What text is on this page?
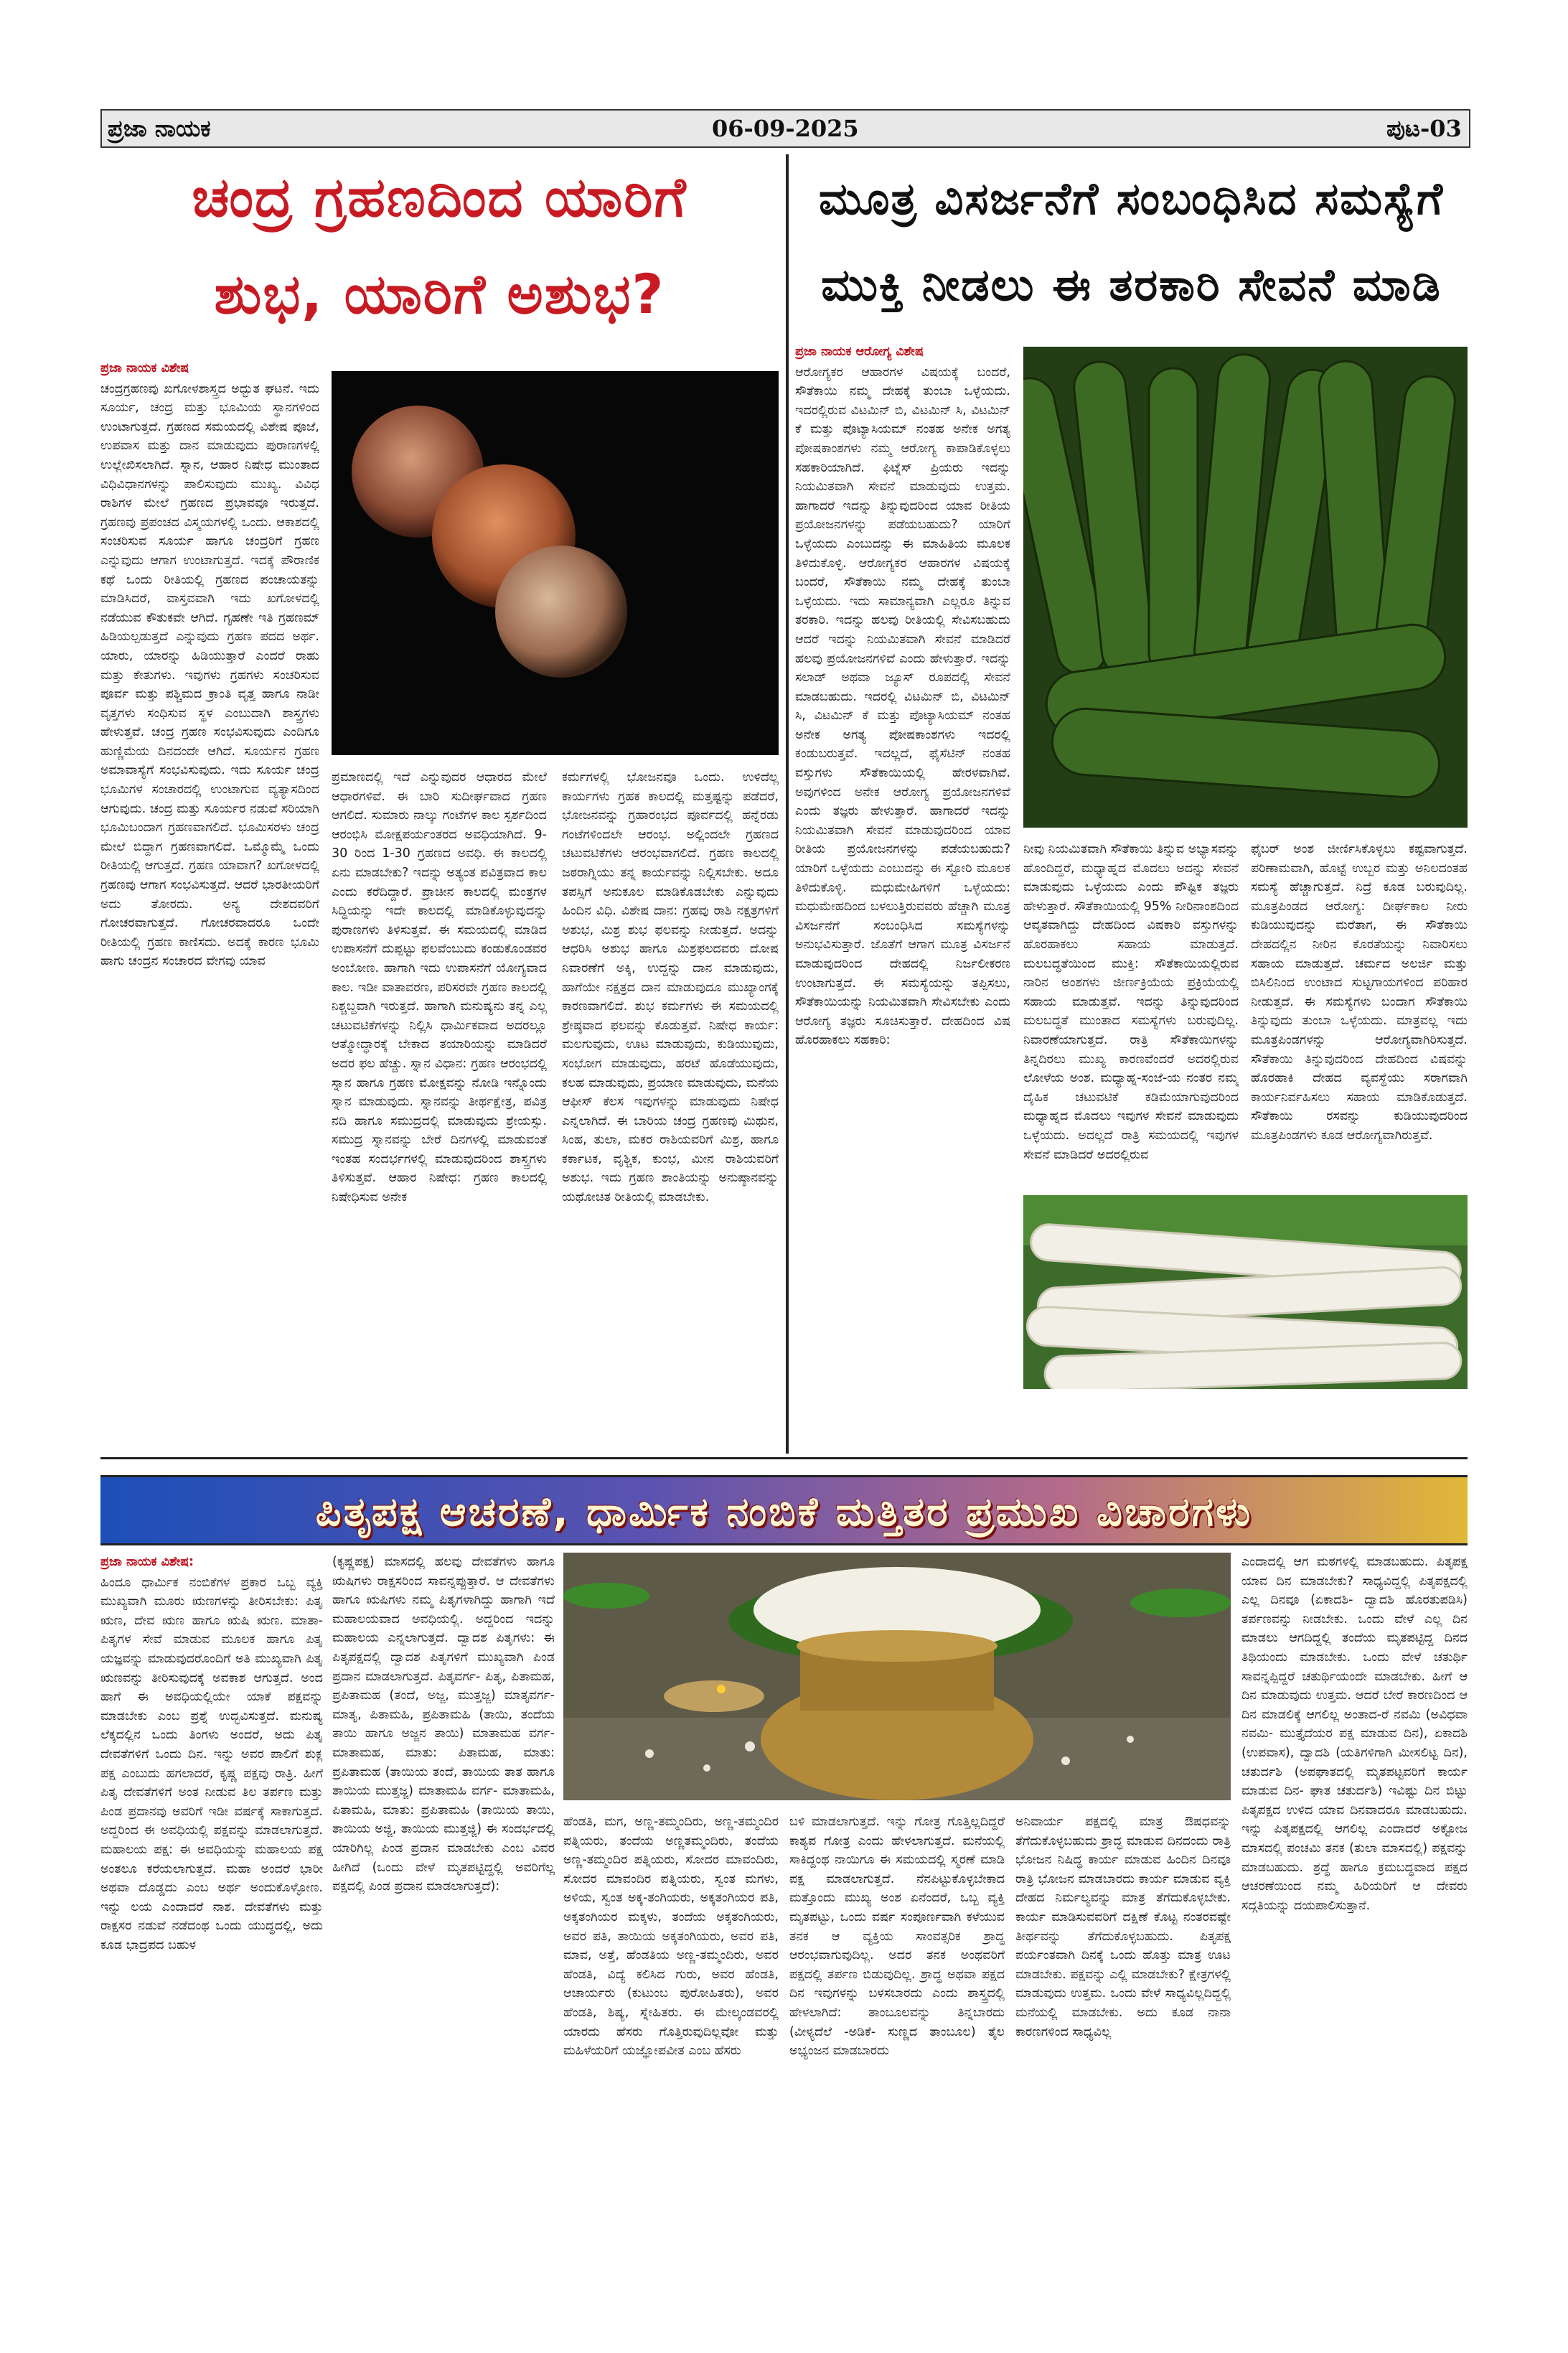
ಪ್ರಜಾ ನಾಯಕ	06-09-2025	ಪುಟ-03
ಚಂದ್ರ ಗ್ರಹಣದಿಂದ ಯಾರಿಗೆ
ಶುಭ, ಯಾರಿಗೆ ಅಶುಭ?

ಪ್ರಜಾ ನಾಯಕ ವಿಶೇಷ

ಚಂದ್ರಗ್ರಹಣವು ಖಗೋಳಶಾಸ್ತ್ರದ ಅದ್ಭುತ ಘಟನೆ. ಇದು ಸೂರ್ಯ, ಚಂದ್ರ ಮತ್ತು ಭೂಮಿಯ ಸ್ಥಾನಗಳಿಂದ ಉಂಟಾಗುತ್ತದೆ. ಗ್ರಹಣದ ಸಮಯದಲ್ಲಿ ವಿಶೇಷ ಪೂಜೆ, ಉಪವಾಸ ಮತ್ತು ದಾನ ಮಾಡುವುದು ಪುರಾಣಗಳಲ್ಲಿ ಉಲ್ಲೇಖಿಸಲಾಗಿದೆ. ಸ್ನಾನ, ಆಹಾರ ನಿಷೇಧ ಮುಂತಾದ ವಿಧಿವಿಧಾನಗಳನ್ನು ಪಾಲಿಸುವುದು ಮುಖ್ಯ. ವಿವಿಧ ರಾಶಿಗಳ ಮೇಲೆ ಗ್ರಹಣದ ಪ್ರಭಾವವೂ ಇರುತ್ತದೆ. ಗ್ರಹಣವು ಪ್ರಪಂಚದ ವಿಸ್ಮಯಗಳಲ್ಲಿ ಒಂದು. ಆಕಾಶದಲ್ಲಿ ಸಂಚರಿಸುವ ಸೂರ್ಯ ಹಾಗೂ ಚಂದ್ರರಿಗೆ ಗ್ರಹಣ ಎನ್ನುವುದು ಆಗಾಗ ಉಂಟಾಗುತ್ತದೆ. ಇದಕ್ಕೆ ಪೌರಾಣಿಕ ಕಥೆ ಒಂದು ರೀತಿಯಲ್ಲಿ ಗ್ರಹಣದ ಪಂಚಾಯತನ್ನು ಮಾಡಿಸಿದರೆ, ವಾಸ್ತವವಾಗಿ ಇದು ಖಗೋಳದಲ್ಲಿ ನಡೆಯುವ ಕೌತುಕವೇ ಆಗಿದೆ. ಗೃಹಣೇ ಇತಿ ಗ್ರಹಣಮ್ ಹಿಡಿಯಲ್ಪಡುತ್ತದೆ ಎನ್ನುವುದು ಗ್ರಹಣ ಪದದ ಅರ್ಥ. ಯಾರು, ಯಾರನ್ನು ಹಿಡಿಯುತ್ತಾರೆ ಎಂದರೆ ರಾಹು ಮತ್ತು ಕೇತುಗಳು. ಇವುಗಳು ಗ್ರಹಗಳು ಸಂಚರಿಸುವ ಪೂರ್ವ ಮತ್ತು ಪಶ್ಚಿಮದ ಕ್ರಾಂತಿ ವೃತ್ತ ಹಾಗೂ ನಾಡೀ ವೃತ್ತಗಳು ಸಂಧಿಸುವ ಸ್ಥಳ ಎಂಬುದಾಗಿ ಶಾಸ್ತ್ರಗಳು ಹೇಳುತ್ತವೆ. ಚಂದ್ರ ಗ್ರಹಣ ಸಂಭವಿಸುವುದು ಎಂದಿಗೂ ಹುಣ್ಣಿಮೆಯ ದಿನದಂದೇ ಆಗಿದೆ. ಸೂರ್ಯನ ಗ್ರಹಣ ಅಮಾವಾಸ್ಯೆಗೆ ಸಂಭವಿಸುವುದು. ಇದು ಸೂರ್ಯ ಚಂದ್ರ ಭೂಮಿಗಳ ಸಂಚಾರದಲ್ಲಿ ಉಂಟಾಗುವ ವ್ಯತ್ಯಾಸದಿಂದ ಆಗುವುದು. ಚಂದ್ರ ಮತ್ತು ಸೂರ್ಯರ ನಡುವೆ ಸರಿಯಾಗಿ ಭೂಮಿಬಂದಾಗ ಗ್ರಹಣವಾಗಲಿದೆ. ಭೂಮಿಸರಳು ಚಂದ್ರ ಮೇಲೆ ಬಿದ್ದಾಗ ಗ್ರಹಣವಾಗಲಿದೆ. ಒಮ್ಮೊಮ್ಮೆ ಒಂದು ರೀತಿಯಲ್ಲಿ ಆಗುತ್ತದೆ. ಗ್ರಹಣ ಯಾವಾಗ? ಖಗೋಳದಲ್ಲಿ ಗ್ರಹಣವು ಆಗಾಗ ಸಂಭವಿಸುತ್ತದೆ. ಆದರೆ ಭಾರತೀಯರಿಗೆ ಅದು ತೋರದು. ಅನ್ಯ ದೇಶದವರಿಗೆ ಗೋಚರವಾಗುತ್ತದೆ. ಗೋಚರವಾದರೂ ಒಂದೇ ರೀತಿಯಲ್ಲಿ ಗ್ರಹಣ ಕಾಣಿಸದು. ಅದಕ್ಕೆ ಕಾರಣ ಭೂಮಿ ಹಾಗು ಚಂದ್ರನ ಸಂಚಾರದ ವೇಗವು ಯಾವ

ಪ್ರಮಾಣದಲ್ಲಿ ಇದೆ ಎನ್ನುವುದರ ಆಧಾರದ ಮೇಲೆ ಆಧಾರಗಳಿವೆ. ಈ ಬಾರಿ ಸುದೀರ್ಘವಾದ ಗ್ರಹಣ ಆಗಲಿದೆ. ಸುಮಾರು ನಾಲ್ಕು ಗಂಟೆಗಳ ಕಾಲ ಸ್ಪರ್ಶದಿಂದ ಆರಂಭಿಸಿ ಮೋಕ್ಷಪರ್ಯಂತರದ ಅವಧಿಯಾಗಿದೆ. 9-30 ರಿಂದ 1-30 ಗ್ರಹಣದ ಅವಧಿ. ಈ ಕಾಲದಲ್ಲಿ ಏನು ಮಾಡಬೇಕು? ಇದನ್ನು ಅತ್ಯಂತ ಪವಿತ್ರವಾದ ಕಾಲ ಎಂದು ಕರೆದಿದ್ದಾರೆ. ಪ್ರಾಚೀನ ಕಾಲದಲ್ಲಿ ಮಂತ್ರಗಳ ಸಿದ್ಧಿಯನ್ನು ಇದೇ ಕಾಲದಲ್ಲಿ ಮಾಡಿಕೊಳ್ಳುವುದನ್ನು ಪುರಾಣಗಳು ತಿಳಿಸುತ್ತವೆ. ಈ ಸಮಯದಲ್ಲಿ ಮಾಡಿದ ಉಪಾಸನೆಗೆ ದುಪ್ಪಟ್ಟು ಫಲವೆಂಬುದು ಕಂಡುಕೊಂಡವರ ಅಂಬೋಣ. ಹಾಗಾಗಿ ಇದು ಉಪಾಸನೆಗೆ ಯೋಗ್ಯವಾದ ಕಾಲ. ಇಡೀ ವಾತಾವರಣ, ಪರಿಸರವೇ ಗ್ರಹಣ ಕಾಲದಲ್ಲಿ ನಿಶ್ಚಬ್ದವಾಗಿ ಇರುತ್ತದೆ. ಹಾಗಾಗಿ ಮನುಷ್ಯನು ತನ್ನ ಎಲ್ಲ ಚಟುವಟಿಕೆಗಳನ್ನು ನಿಲ್ಲಿಸಿ ಧಾರ್ಮಿಕವಾದ ಅದರಲ್ಲೂ ಆತ್ಮೋದ್ಧಾರಕ್ಕೆ ಬೇಕಾದ ತಯಾರಿಯನ್ನು ಮಾಡಿದರೆ ಅದರ ಫಲ ಹೆಚ್ಚು. ಸ್ನಾನ ವಿಧಾನ: ಗ್ರಹಣ ಆರಂಭದಲ್ಲಿ ಸ್ನಾನ ಹಾಗೂ ಗ್ರಹಣ ಮೋಕ್ಷವನ್ನು ನೋಡಿ ಇನ್ನೊಂದು ಸ್ನಾನ ಮಾಡುವುದು. ಸ್ನಾನವನ್ನು ತೀರ್ಥಕ್ಷೇತ್ರ, ಪವಿತ್ರ ನದಿ ಹಾಗೂ ಸಮುದ್ರದಲ್ಲಿ ಮಾಡುವುದು ಶ್ರೇಯಸ್ಸು. ಸಮುದ್ರ ಸ್ನಾನವನ್ನು ಬೇರೆ ದಿನಗಳಲ್ಲಿ ಮಾಡುವಂತೆ ಇಂತಹ ಸಂದರ್ಭಗಳಲ್ಲಿ ಮಾಡುವುದರಿಂದ ಶಾಸ್ತ್ರಗಳು ತಿಳಿಸುತ್ತವೆ. ಆಹಾರ ನಿಷೇಧ: ಗ್ರಹಣ ಕಾಲದಲ್ಲಿ ನಿಷೇಧಿಸುವ ಅನೇಕ

ಕರ್ಮಗಳಲ್ಲಿ ಭೋಜನವೂ ಒಂದು. ಉಳಿದೆಲ್ಲ ಕಾರ್ಯಗಳು ಗ್ರಹಕ ಕಾಲದಲ್ಲಿ ಮತ್ತಷ್ಟನ್ನು ಪಡೆದರೆ, ಭೋಜನವನ್ನು ಗ್ರಹಾರಂಭದ ಪೂರ್ವದಲ್ಲಿ ಹನ್ನೆರಡು ಗಂಟೆಗಳಿಂದಲೇ ಆರಂಭ. ಅಲ್ಲಿಂದಲೇ ಗ್ರಹಣದ ಚಟುವಟಿಕೆಗಳು ಆರಂಭವಾಗಲಿದೆ. ಗ್ರಹಣ ಕಾಲದಲ್ಲಿ ಜಠರಾಗ್ನಿಯು ತನ್ನ ಕಾರ್ಯವನ್ನು ನಿಲ್ಲಿಸಬೇಕು. ಅದೂ ತಪಸ್ಸಿಗೆ ಅನುಕೂಲ ಮಾಡಿಕೊಡಬೇಕು ಎನ್ನುವುದು ಹಿಂದಿನ ವಿಧಿ. ವಿಶೇಷ ದಾನ: ಗ್ರಹವು ರಾಶಿ ನಕ್ಷತ್ರಗಳಿಗೆ ಅಶುಭ, ಮಿಶ್ರ ಶುಭ ಫಲವನ್ನು ನೀಡುತ್ತದೆ. ಅದನ್ನು ಆಧರಿಸಿ ಅಶುಭ ಹಾಗೂ ಮಿಶ್ರಫಲದವರು ದೋಷ ನಿವಾರಣೆಗೆ ಅಕ್ಕಿ, ಉದ್ದನ್ನು ದಾನ ಮಾಡುವುದು, ಹಾಗೆಯೇ ನಕ್ಷತ್ರದ ದಾನ ಮಾಡುವುದೂ ಮುಖ್ಯಾಂಗಕ್ಕೆ ಕಾರಣವಾಗಲಿದೆ. ಶುಭ ಕರ್ಮಗಳು ಈ ಸಮಯದಲ್ಲಿ ಶ್ರೇಷ್ಠವಾದ ಫಲವನ್ನು ಕೊಡುತ್ತವೆ. ನಿಷೇಧ ಕಾರ್ಯ: ಮಲಗುವುದು, ಊಟ ಮಾಡುವುದು, ಕುಡಿಯುವುದು, ಸಂಭೋಗ ಮಾಡುವುದು, ಹರಟೆ ಹೊಡೆಯುವುದು, ಕಲಹ ಮಾಡುವುದು, ಪ್ರಯಾಣ ಮಾಡುವುದು, ಮನೆಯ ಆಫೀಸ್ ಕೆಲಸ ಇವುಗಳನ್ನು ಮಾಡುವುದು ನಿಷೇಧ ಎನ್ನಲಾಗಿದೆ. ಈ ಬಾರಿಯ ಚಂದ್ರ ಗ್ರಹಣವು ಮಿಥುನ, ಸಿಂಹ, ತುಲಾ, ಮಕರ ರಾಶಿಯವರಿಗೆ ಮಿಶ್ರ, ಹಾಗೂ ಕರ್ಕಾಟಕ, ವೃಶ್ಚಿಕ, ಕುಂಭ, ಮೀನ ರಾಶಿಯವರಿಗೆ ಅಶುಭ. ಇದು ಗ್ರಹಣ ಶಾಂತಿಯನ್ನು ಅನುಷ್ಠಾನವನ್ನು ಯಥೋಚಿತ ರೀತಿಯಲ್ಲಿ ಮಾಡಬೇಕು.

ಮೂತ್ರ ವಿಸರ್ಜನೆಗೆ ಸಂಬಂಧಿಸಿದ ಸಮಸ್ಯೆಗೆ
ಮುಕ್ತಿ ನೀಡಲು ಈ ತರಕಾರಿ ಸೇವನೆ ಮಾಡಿ

ಪ್ರಜಾ ನಾಯಕ ಆರೋಗ್ಯ ವಿಶೇಷ

ಆರೋಗ್ಯಕರ ಆಹಾರಗಳ ವಿಷಯಕ್ಕೆ ಬಂದರೆ, ಸೌತೆಕಾಯಿ ನಮ್ಮ ದೇಹಕ್ಕೆ ತುಂಬಾ ಒಳ್ಳೆಯದು. ಇದರಲ್ಲಿರುವ ವಿಟಮಿನ್ ಬಿ, ವಿಟಮಿನ್ ಸಿ, ವಿಟಮಿನ್ ಕೆ ಮತ್ತು ಪೊಟ್ಯಾಸಿಯಮ್ ನಂತಹ ಅನೇಕ ಅಗತ್ಯ ಪೋಷಕಾಂಶಗಳು ನಮ್ಮ ಆರೋಗ್ಯ ಕಾಪಾಡಿಕೊಳ್ಳಲು ಸಹಕಾರಿಯಾಗಿದೆ. ಫಿಟ್ನೆಸ್ ಪ್ರಿಯರು ಇದನ್ನು ನಿಯಮಿತವಾಗಿ ಸೇವನೆ ಮಾಡುವುದು ಉತ್ತಮ. ಹಾಗಾದರೆ ಇದನ್ನು ತಿನ್ನುವುದರಿಂದ ಯಾವ ರೀತಿಯ ಪ್ರಯೋಜನಗಳನ್ನು ಪಡೆಯಬಹುದು? ಯಾರಿಗೆ ಒಳ್ಳೆಯದು ಎಂಬುದನ್ನು ಈ ಮಾಹಿತಿಯ ಮೂಲಕ ತಿಳಿದುಕೊಳ್ಳಿ. ಆರೋಗ್ಯಕರ ಆಹಾರಗಳ ವಿಷಯಕ್ಕೆ ಬಂದರೆ, ಸೌತೆಕಾಯಿ ನಮ್ಮ ದೇಹಕ್ಕೆ ತುಂಬಾ ಒಳ್ಳೆಯದು. ಇದು ಸಾಮಾನ್ಯವಾಗಿ ಎಲ್ಲರೂ ತಿನ್ನುವ ತರಕಾರಿ. ಇದನ್ನು ಹಲವು ರೀತಿಯಲ್ಲಿ ಸೇವಿಸಬಹುದು ಆದರೆ ಇದನ್ನು ನಿಯಮಿತವಾಗಿ ಸೇವನೆ ಮಾಡಿದರೆ ಹಲವು ಪ್ರಯೋಜನಗಳಿವೆ ಎಂದು ಹೇಳುತ್ತಾರೆ. ಇದನ್ನು ಸಲಾಡ್ ಅಥವಾ ಜ್ಯೂಸ್ ರೂಪದಲ್ಲಿ ಸೇವನೆ ಮಾಡಬಹುದು. ಇದರಲ್ಲಿ ವಿಟಮಿನ್ ಬಿ, ವಿಟಮಿನ್ ಸಿ, ವಿಟಮಿನ್ ಕೆ ಮತ್ತು ಪೊಟ್ಯಾಸಿಯಮ್ ನಂತಹ ಅನೇಕ ಅಗತ್ಯ ಪೋಷಕಾಂಶಗಳು ಇದರಲ್ಲಿ ಕಂಡುಬರುತ್ತವೆ. ಇದಲ್ಲದೆ, ಫೈಸೆಟಿನ್ ನಂತಹ ವಸ್ತುಗಳು ಸೌತೆಕಾಯಿಯಲ್ಲಿ ಹೇರಳವಾಗಿವೆ. ಅವುಗಳಿಂದ ಅನೇಕ ಆರೋಗ್ಯ ಪ್ರಯೋಜನಗಳಿವೆ ಎಂದು ತಜ್ಞರು ಹೇಳುತ್ತಾರೆ. ಹಾಗಾದರೆ ಇದನ್ನು ನಿಯಮಿತವಾಗಿ ಸೇವನೆ ಮಾಡುವುದರಿಂದ ಯಾವ ರೀತಿಯ ಪ್ರಯೋಜನಗಳನ್ನು ಪಡೆಯಬಹುದು? ಯಾರಿಗೆ ಒಳ್ಳೆಯದು ಎಂಬುದನ್ನು ಈ ಸ್ಟೋರಿ ಮೂಲಕ ತಿಳಿದುಕೊಳ್ಳಿ. ಮಧುಮೇಹಿಗಳಿಗೆ ಒಳ್ಳೆಯದು: ಮಧುಮೇಹದಿಂದ ಬಳಲುತ್ತಿರುವವರು ಹೆಚ್ಚಾಗಿ ಮೂತ್ರ ವಿಸರ್ಜನೆಗೆ ಸಂಬಂಧಿಸಿದ ಸಮಸ್ಯೆಗಳನ್ನು ಅನುಭವಿಸುತ್ತಾರೆ. ಜೊತೆಗೆ ಆಗಾಗ ಮೂತ್ರ ವಿಸರ್ಜನೆ ಮಾಡುವುದರಿಂದ ದೇಹದಲ್ಲಿ ನಿರ್ಜಲೀಕರಣ ಉಂಟಾಗುತ್ತದೆ. ಈ ಸಮಸ್ಯೆಯನ್ನು ತಪ್ಪಿಸಲು, ಸೌತೆಕಾಯಿಯನ್ನು ನಿಯಮಿತವಾಗಿ ಸೇವಿಸಬೇಕು ಎಂದು ಆರೋಗ್ಯ ತಜ್ಞರು ಸೂಚಿಸುತ್ತಾರೆ. ದೇಹದಿಂದ ವಿಷ ಹೊರಹಾಕಲು ಸಹಕಾರಿ:

ನೀವು ನಿಯಮಿತವಾಗಿ ಸೌತೆಕಾಯಿ ತಿನ್ನುವ ಅಭ್ಯಾಸವನ್ನು ಹೊಂದಿದ್ದರೆ, ಮಧ್ಯಾಹ್ನದ ಮೊದಲು ಅದನ್ನು ಸೇವನೆ ಮಾಡುವುದು ಒಳ್ಳೆಯದು ಎಂದು ಪೌಷ್ಟಿಕ ತಜ್ಞರು ಹೇಳುತ್ತಾರೆ. ಸೌತೆಕಾಯಿಯಲ್ಲಿ 95% ನೀರಿನಾಂಶದಿಂದ ಆವೃತವಾಗಿದ್ದು ದೇಹದಿಂದ ವಿಷಕಾರಿ ವಸ್ತುಗಳನ್ನು ಹೊರಹಾಕಲು ಸಹಾಯ ಮಾಡುತ್ತದೆ. ಮಲಬದ್ಧತೆಯಿಂದ ಮುಕ್ತಿ: ಸೌತೆಕಾಯಿಯಲ್ಲಿರುವ ನಾರಿನ ಅಂಶಗಳು ಜೀರ್ಣಕ್ರಿಯೆಯ ಪ್ರಕ್ರಿಯೆಯಲ್ಲಿ ಸಹಾಯ ಮಾಡುತ್ತವೆ. ಇದನ್ನು ತಿನ್ನುವುದರಿಂದ ಮಲಬದ್ಧತೆ ಮುಂತಾದ ಸಮಸ್ಯೆಗಳು ಬರುವುದಿಲ್ಲ. ನಿವಾರಣೆಯಾಗುತ್ತದೆ. ರಾತ್ರಿ ಸೌತೆಕಾಯಿಗಳನ್ನು ತಿನ್ನದಿರಲು ಮುಖ್ಯ ಕಾರಣವೆಂದರೆ ಅದರಲ್ಲಿರುವ ಲೋಳೆಯ ಅಂಶ. ಮಧ್ಯಾಹ್ನ-ಸಂಜೆ-ಯ ನಂತರ ನಮ್ಮ ದೈಹಿಕ ಚಟುವಟಿಕೆ ಕಡಿಮೆಯಾಗುವುದರಿಂದ ಮಧ್ಯಾಹ್ನದ ಮೊದಲು ಇವುಗಳ ಸೇವನೆ ಮಾಡುವುದು ಒಳ್ಳೆಯದು. ಅದಲ್ಲದೆ ರಾತ್ರಿ ಸಮಯದಲ್ಲಿ ಇವುಗಳ ಸೇವನೆ ಮಾಡಿದರೆ ಅದರಲ್ಲಿರುವ

ಫೈಬರ್ ಅಂಶ ಜೀರ್ಣಿಸಿಕೊಳ್ಳಲು ಕಷ್ಟವಾಗುತ್ತದೆ. ಪರಿಣಾಮವಾಗಿ, ಹೊಟ್ಟೆ ಉಬ್ಬರ ಮತ್ತು ಅನಿಲದಂತಹ ಸಮಸ್ಯೆ ಹೆಚ್ಚಾಗುತ್ತದೆ. ನಿದ್ರೆ ಕೂಡ ಬರುವುದಿಲ್ಲ. ಮೂತ್ರಪಿಂಡದ ಆರೋಗ್ಯ: ದೀರ್ಘಕಾಲ ನೀರು ಕುಡಿಯುವುದನ್ನು ಮರೆತಾಗ, ಈ ಸೌತೆಕಾಯಿ ದೇಹದಲ್ಲಿನ ನೀರಿನ ಕೊರತೆಯನ್ನು ನಿವಾರಿಸಲು ಸಹಾಯ ಮಾಡುತ್ತದೆ. ಚರ್ಮದ ಅಲರ್ಜಿ ಮತ್ತು ಬಿಸಿಲಿನಿಂದ ಉಂಟಾದ ಸುಟ್ಟಗಾಯಗಳಿಂದ ಪರಿಹಾರ ನೀಡುತ್ತದೆ. ಈ ಸಮಸ್ಯೆಗಳು ಬಂದಾಗ ಸೌತೆಕಾಯಿ ತಿನ್ನುವುದು ತುಂಬಾ ಒಳ್ಳೆಯದು. ಮಾತ್ರವಲ್ಲ ಇದು ಮೂತ್ರಪಿಂಡಗಳನ್ನು ಆರೋಗ್ಯವಾಗಿರಿಸುತ್ತದೆ. ಸೌತೆಕಾಯಿ ತಿನ್ನುವುದರಿಂದ ದೇಹದಿಂದ ವಿಷವನ್ನು ಹೊರಹಾಕಿ ದೇಹದ ವ್ಯವಸ್ಥೆಯು ಸರಾಗವಾಗಿ ಕಾರ್ಯನಿರ್ವಹಿಸಲು ಸಹಾಯ ಮಾಡಿಕೊಡುತ್ತದೆ. ಸೌತೆಕಾಯಿ ರಸವನ್ನು ಕುಡಿಯುವುದರಿಂದ ಮೂತ್ರಪಿಂಡಗಳು ಕೂಡ ಆರೋಗ್ಯವಾಗಿರುತ್ತವೆ.

ಪಿತೃಪಕ್ಷ ಆಚರಣೆ, ಧಾರ್ಮಿಕ ನಂಬಿಕೆ ಮತ್ತಿತರ ಪ್ರಮುಖ ವಿಚಾರಗಳು

ಪ್ರಜಾ ನಾಯಕ ವಿಶೇಷ:

ಹಿಂದೂ ಧಾರ್ಮಿಕ ನಂಬಿಕೆಗಳ ಪ್ರಕಾರ ಒಬ್ಬ ವ್ಯಕ್ತಿ ಮುಖ್ಯವಾಗಿ ಮೂರು ಋಣಗಳನ್ನು ತೀರಿಸಬೇಕು: ಪಿತೃ ಋಣ, ದೇವ ಋಣ ಹಾಗೂ ಋಷಿ ಋಣ. ಮಾತಾ-ಪಿತೃಗಳ ಸೇವೆ ಮಾಡುವ ಮೂಲಕ ಹಾಗೂ ಪಿತೃ ಯಜ್ಞವನ್ನು ಮಾಡುವುದರೊಂದಿಗೆ ಅತಿ ಮುಖ್ಯವಾಗಿ ಪಿತೃ ಋಣವನ್ನು ತೀರಿಸುವುದಕ್ಕೆ ಅವಕಾಶ ಆಗುತ್ತದೆ. ಅಂದ ಹಾಗೆ ಈ ಅವಧಿಯಲ್ಲಿಯೇ ಯಾಕೆ ಪಕ್ಷವನ್ನು ಮಾಡಬೇಕು ಎಂಬ ಪ್ರಶ್ನೆ ಉದ್ಭವಿಸುತ್ತದೆ. ಮನುಷ್ಯ ಲೆಕ್ಕದಲ್ಲಿನ ಒಂದು ತಿಂಗಳು ಅಂದರೆ, ಅದು ಪಿತೃ ದೇವತೆಗಳಿಗೆ ಒಂದು ದಿನ. ಇನ್ನು ಅವರ ಪಾಲಿಗೆ ಶುಕ್ಲ ಪಕ್ಷ ಎಂಬುದು ಹಗಲಾದರೆ, ಕೃಷ್ಣ ಪಕ್ಷವು ರಾತ್ರಿ. ಹೀಗೆ ಪಿತೃ ದೇವತೆಗಳಿಗೆ ಅಂತ ನೀಡುವ ತಿಲ ತರ್ಪಣ ಮತ್ತು ಪಿಂಡ ಪ್ರದಾನವು ಅವರಿಗೆ ಇಡೀ ವರ್ಷಕ್ಕೆ ಸಾಕಾಗುತ್ತದೆ. ಅದ್ದರಿಂದ ಈ ಅವಧಿಯಲ್ಲಿ ಪಕ್ಷವನ್ನು ಮಾಡಲಾಗುತ್ತದೆ. ಮಹಾಲಯ ಪಕ್ಷ: ಈ ಅವಧಿಯನ್ನು ಮಹಾಲಯ ಪಕ್ಷ ಅಂತಲೂ ಕರೆಯಲಾಗುತ್ತದೆ. ಮಹಾ ಅಂದರೆ ಭಾರೀ ಅಥವಾ ದೊಡ್ಡದು ಎಂಬ ಅರ್ಥ ಅಂದುಕೊಳ್ಳೋಣ. ಇನ್ನು ಲಯ ಎಂದಾದರೆ ನಾಶ. ದೇವತೆಗಳು ಮತ್ತು ರಾಕ್ಷಸರ ನಡುವೆ ನಡೆದಂಥ ಒಂದು ಯುದ್ಧದಲ್ಲಿ, ಅದು ಕೂಡ ಭಾದ್ರಪದ ಬಹುಳ

(ಕೃಷ್ಣಪಕ್ಷ) ಮಾಸದಲ್ಲಿ ಹಲವು ದೇವತೆಗಳು ಹಾಗೂ ಋಷಿಗಳು ರಾಕ್ಷಸರಿಂದ ಸಾವನ್ನಪ್ಪುತ್ತಾರೆ. ಆ ದೇವತೆಗಳು ಹಾಗೂ ಋಷಿಗಳು ನಮ್ಮ ಪಿತೃಗಳಾಗಿದ್ದು ಹಾಗಾಗಿ ಇದೆ ಮಹಾಲಯವಾದ ಅವಧಿಯಲ್ಲಿ. ಅದ್ದರಿಂದ ಇದನ್ನು ಮಹಾಲಯ ಎನ್ನಲಾಗುತ್ತದೆ. ದ್ವಾದಶ ಪಿತೃಗಳು: ಈ ಪಿತೃಪಕ್ಷದಲ್ಲಿ ದ್ವಾದಶ ಪಿತೃಗಳಿಗೆ ಮುಖ್ಯವಾಗಿ ಪಿಂಡ ಪ್ರದಾನ ಮಾಡಲಾಗುತ್ತದೆ. ಪಿತೃವರ್ಗ- ಪಿತೃ, ಪಿತಾಮಹ, ಪ್ರಪಿತಾಮಹ (ತಂದೆ, ಅಜ್ಜ, ಮುತ್ತಜ್ಜ) ಮಾತೃವರ್ಗ- ಮಾತೃ, ಪಿತಾಮಹಿ, ಪ್ರಪಿತಾಮಹಿ (ತಾಯಿ, ತಂದೆಯ ತಾಯಿ ಹಾಗೂ ಅಜ್ಜನ ತಾಯಿ) ಮಾತಾಮಹ ವರ್ಗ- ಮಾತಾಮಹ, ಮಾತು: ಪಿತಾಮಹ, ಮಾತು: ಪ್ರಪಿತಾಮಹ (ತಾಯಿಯ ತಂದೆ, ತಾಯಿಯ ತಾತ ಹಾಗೂ ತಾಯಿಯ ಮುತ್ತಜ್ಜ) ಮಾತಾಮಹಿ ವರ್ಗ- ಮಾತಾಮಹಿ, ಪಿತಾಮಹಿ, ಮಾತು: ಪ್ರಪಿತಾಮಹಿ (ತಾಯಿಯ ತಾಯಿ, ತಾಯಿಯ ಅಜ್ಜಿ, ತಾಯಿಯ ಮುತ್ತಜ್ಜಿ) ಈ ಸಂದರ್ಭದಲ್ಲಿ ಯಾರಿಗಿಲ್ಲ ಪಿಂಡ ಪ್ರದಾನ ಮಾಡಬೇಕು ಎಂಬ ವಿವರ ಹೀಗಿದೆ (ಒಂದು ವೇಳೆ ಮೃತಪಟ್ಟಿದ್ದಲ್ಲಿ ಅವರಿಗೆಲ್ಲ ಪಕ್ಷದಲ್ಲಿ ಪಿಂಡ ಪ್ರದಾನ ಮಾಡಲಾಗುತ್ತದೆ):

ಹೆಂಡತಿ, ಮಗ, ಅಣ್ಣ-ತಮ್ಮಂದಿರು, ಅಣ್ಣ-ತಮ್ಮಂದಿರ ಪತ್ನಿಯರು, ತಂದೆಯ ಅಣ್ಣತಮ್ಮಂದಿರು, ತಂದೆಯ ಅಣ್ಣ-ತಮ್ಮಂದಿರ ಪತ್ನಿಯರು, ಸೋದರ ಮಾವಂದಿರು, ಸೋದರ ಮಾವಂದಿರ ಪತ್ನಿಯರು, ಸ್ವಂತ ಮಗಳು, ಅಳಿಯ, ಸ್ವಂತ ಅಕ್ಕ-ತಂಗಿಯರು, ಅಕ್ಕತಂಗಿಯರ ಪತಿ, ಅಕ್ಕತಂಗಿಯರ ಮಕ್ಕಳು, ತಂದೆಯ ಅಕ್ಕತಂಗಿಯರು, ಅವರ ಪತಿ, ತಾಯಿಯ ಅಕ್ಕತಂಗಿಯರು, ಅವರ ಪತಿ, ಮಾವ, ಅತ್ತೆ, ಹೆಂಡತಿಯ ಅಣ್ಣ-ತಮ್ಮಂದಿರು, ಅವರ ಹೆಂಡತಿ, ವಿದ್ಯೆ ಕಲಿಸಿದ ಗುರು, ಅವರ ಹೆಂಡತಿ, ಆಚಾರ್ಯರು (ಕುಟುಂಬ ಪುರೋಹಿತರು), ಅವರ ಹೆಂಡತಿ, ಶಿಷ್ಯ, ಸ್ನೇಹಿತರು. ಈ ಮೇಲ್ಕಂಡವರಲ್ಲಿ ಯಾರದು ಹೆಸರು ಗೊತ್ತಿರುವುದಿಲ್ಲವೋ ಮತ್ತು ಮಹಿಳೆಯರಿಗೆ ಯಜ್ಞೋಪವೀತ ಎಂಬ ಹೆಸರು

ಬಳಿ ಮಾಡಲಾಗುತ್ತದೆ. ಇನ್ನು ಗೋತ್ರ ಗೊತ್ತಿಲ್ಲದಿದ್ದರೆ ಕಾಶ್ಯಪ ಗೋತ್ರ ಎಂದು ಹೇಳಲಾಗುತ್ತದೆ. ಮನೆಯಲ್ಲಿ ಸಾಕಿದ್ದಂಥ ನಾಯಿಗೂ ಈ ಸಮಯದಲ್ಲಿ ಸ್ಮರಣೆ ಮಾಡಿ ಪಕ್ಷ ಮಾಡಲಾಗುತ್ತದೆ. ನೆನಪಿಟ್ಟುಕೊಳ್ಳಬೇಕಾದ ಮತ್ತೊಂದು ಮುಖ್ಯ ಅಂಶ ಏನೆಂದರೆ, ಒಬ್ಬ ವ್ಯಕ್ತಿ ಮೃತಪಟ್ಟು, ಒಂದು ವರ್ಷ ಸಂಪೂರ್ಣವಾಗಿ ಕಳೆಯುವ ತನಕ ಆ ವ್ಯಕ್ತಿಯ ಸಾಂವತ್ಸರಿಕ ಶ್ರಾದ್ಧ ಆರಂಭವಾಗುವುದಿಲ್ಲ. ಅದರ ತನಕ ಅಂಥವರಿಗೆ ಪಕ್ಷದಲ್ಲಿ ತರ್ಪಣ ಬಿಡುವುದಿಲ್ಲ. ಶ್ರಾದ್ಧ ಅಥವಾ ಪಕ್ಷದ ದಿನ ಇವುಗಳನ್ನು ಬಳಸಬಾರದು ಎಂದು ಶಾಸ್ತ್ರದಲ್ಲಿ ಹೇಳಲಾಗಿದೆ: ತಾಂಬೂಲವನ್ನು ತಿನ್ನಬಾರದು (ವೀಳ್ಯದೆಲೆ -ಅಡಿಕೆ- ಸುಣ್ಣದ ತಾಂಬೂಲ) ತೈಲ ಅಭ್ಯಂಜನ ಮಾಡಬಾರದು

ಅನಿವಾರ್ಯ ಪಕ್ಷದಲ್ಲಿ ಮಾತ್ರ ಔಷಧವನ್ನು ತೆಗೆದುಕೊಳ್ಳಬಹುದು ಶ್ರಾದ್ಧ ಮಾಡುವ ದಿನದಂದು ರಾತ್ರಿ ಭೋಜನ ನಿಷಿದ್ಧ ಕಾರ್ಯ ಮಾಡುವ ಹಿಂದಿನ ದಿನವೂ ರಾತ್ರಿ ಭೋಜನ ಮಾಡಬಾರದು ಕಾರ್ಯ ಮಾಡುವ ವ್ಯಕ್ತಿ ದೇಹದ ನಿರ್ಮಲ್ಯವನ್ನು ಮಾತ್ರ ತೆಗೆದುಕೊಳ್ಳಬೇಕು. ಕಾರ್ಯ ಮಾಡಿಸುವವರಿಗೆ ದಕ್ಷಿಣೆ ಕೊಟ್ಟ ನಂತರವಷ್ಟೇ ತೀರ್ಥವನ್ನು ತೆಗೆದುಕೊಳ್ಳಬಹುದು. ಪಿತೃಪಕ್ಷ ಪರ್ಯಂತವಾಗಿ ದಿನಕ್ಕೆ ಒಂದು ಹೊತ್ತು ಮಾತ್ರ ಊಟ ಮಾಡಬೇಕು. ಪಕ್ಷವನ್ನು ಎಲ್ಲಿ ಮಾಡಬೇಕು? ಕ್ಷೇತ್ರಗಳಲ್ಲಿ ಮಾಡುವುದು ಉತ್ತಮ. ಒಂದು ವೇಳೆ ಸಾಧ್ಯವಿಲ್ಲದಿದ್ದಲ್ಲಿ ಮನೆಯಲ್ಲಿ ಮಾಡಬೇಕು. ಅದು ಕೂಡ ನಾನಾ ಕಾರಣಗಳಿಂದ ಸಾಧ್ಯವಿಲ್ಲ

ಎಂದಾದಲ್ಲಿ ಆಗ ಮಠಗಳಲ್ಲಿ ಮಾಡಬಹುದು. ಪಿತೃಪಕ್ಷ ಯಾವ ದಿನ ಮಾಡಬೇಕು? ಸಾಧ್ಯವಿದ್ದಲ್ಲಿ ಪಿತೃಪಕ್ಷದಲ್ಲಿ ಎಲ್ಲ ದಿನವೂ (ಏಕಾದಶಿ- ದ್ವಾದಶಿ ಹೊರತುಪಡಿಸಿ) ತರ್ಪಣವನ್ನು ನೀಡಬೇಕು. ಒಂದು ವೇಳೆ ಎಲ್ಲ ದಿನ ಮಾಡಲು ಆಗದಿದ್ದಲ್ಲಿ ತಂದೆಯ ಮೃತಪಟ್ಟಿದ್ದ ದಿನದ ತಿಥಿಯಂದು ಮಾಡಬೇಕು. ಒಂದು ವೇಳೆ ಚತುರ್ಥಿ ಸಾವನ್ನಪ್ಪಿದ್ದರೆ ಚತುರ್ಥಿಯಂದೇ ಮಾಡಬೇಕು. ಹೀಗೆ ಆ ದಿನ ಮಾಡುವುದು ಉತ್ತಮ. ಆದರೆ ಬೇರೆ ಕಾರಣದಿಂದ ಆ ದಿನ ಮಾಡಲಿಕ್ಕೆ ಆಗಲಿಲ್ಲ ಅಂತಾದ-ರೆ ನವಮಿ (ಅವಿಧವಾ ನವಮಿ- ಮುತ್ತೈದೆಯರ ಪಕ್ಷ ಮಾಡುವ ದಿನ), ಏಕಾದಶಿ (ಉಪವಾಸ), ದ್ವಾದಶಿ (ಯತಿಗಳಿಗಾಗಿ ಮೀಸಲಿಟ್ಟ ದಿನ), ಚತುರ್ದಶಿ (ಅಪಘಾತದಲ್ಲಿ ಮೃತಪಟ್ಟವರಿಗೆ ಕಾರ್ಯ ಮಾಡುವ ದಿನ- ಘಾತ ಚತುರ್ದಶಿ) ಇವಿಷ್ಟು ದಿನ ಬಿಟ್ಟು ಪಿತೃಪಕ್ಷದ ಉಳಿದ ಯಾವ ದಿನವಾದರೂ ಮಾಡಬಹುದು. ಇನ್ನು ಪಿತೃಪಕ್ಷದಲ್ಲಿ ಆಗಲಿಲ್ಲ ಎಂದಾದರೆ ಅಕ್ಟೋಜ ಮಾಸದಲ್ಲಿ ಪಂಚಮಿ ತನಕ (ತುಲಾ ಮಾಸದಲ್ಲಿ) ಪಕ್ಷವನ್ನು ಮಾಡಬಹುದು. ಶ್ರದ್ಧೆ ಹಾಗೂ ಕ್ರಮಬದ್ಧವಾದ ಪಕ್ಷದ ಆಚರಣೆಯಿಂದ ನಮ್ಮ ಹಿರಿಯರಿಗೆ ಆ ದೇವರು ಸದ್ಗತಿಯನ್ನು ದಯಪಾಲಿಸುತ್ತಾನೆ.
